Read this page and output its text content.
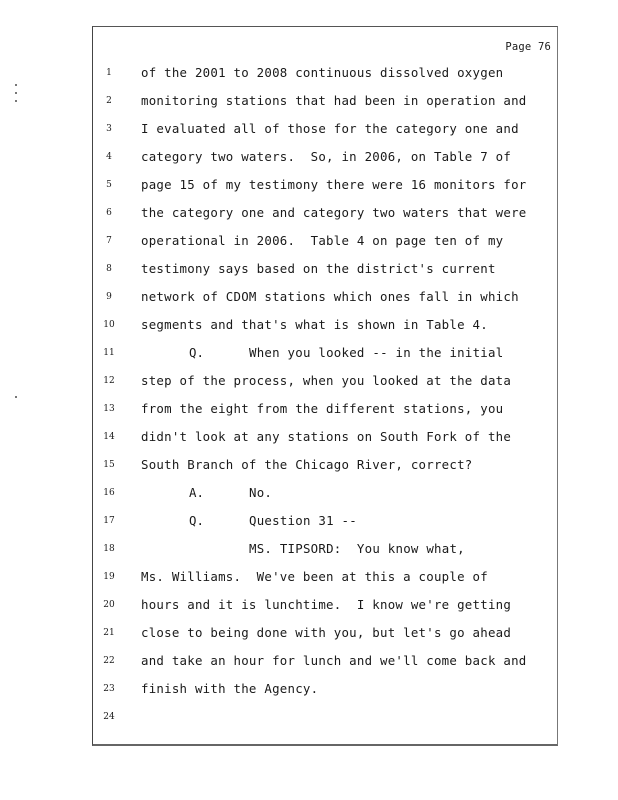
Page 76
1	of the 2001 to 2008 continuous dissolved oxygen
2	monitoring stations that had been in operation and
3	I evaluated all of those for the category one and
4	category two waters.  So, in 2006, on Table 7 of
5	page 15 of my testimony there were 16 monitors for
6	the category one and category two waters that were
7	operational in 2006.  Table 4 on page ten of my
8	testimony says based on the district's current
9	network of CDOM stations which ones fall in which
10 segments and that's what is shown in Table 4.
11	Q.	When you looked -- in the initial
12 step of the process, when you looked at the data
13 from the eight from the different stations, you
14 didn't look at any stations on South Fork of the
15 South Branch of the Chicago River, correct?
16	A.	No.
17	Q.	Question 31 --
18	MS. TIPSORD:  You know what,
19 Ms. Williams.  We've been at this a couple of
20 hours and it is lunchtime.  I know we're getting
21 close to being done with you, but let's go ahead
22 and take an hour for lunch and we'll come back and
23 finish with the Agency.
24
